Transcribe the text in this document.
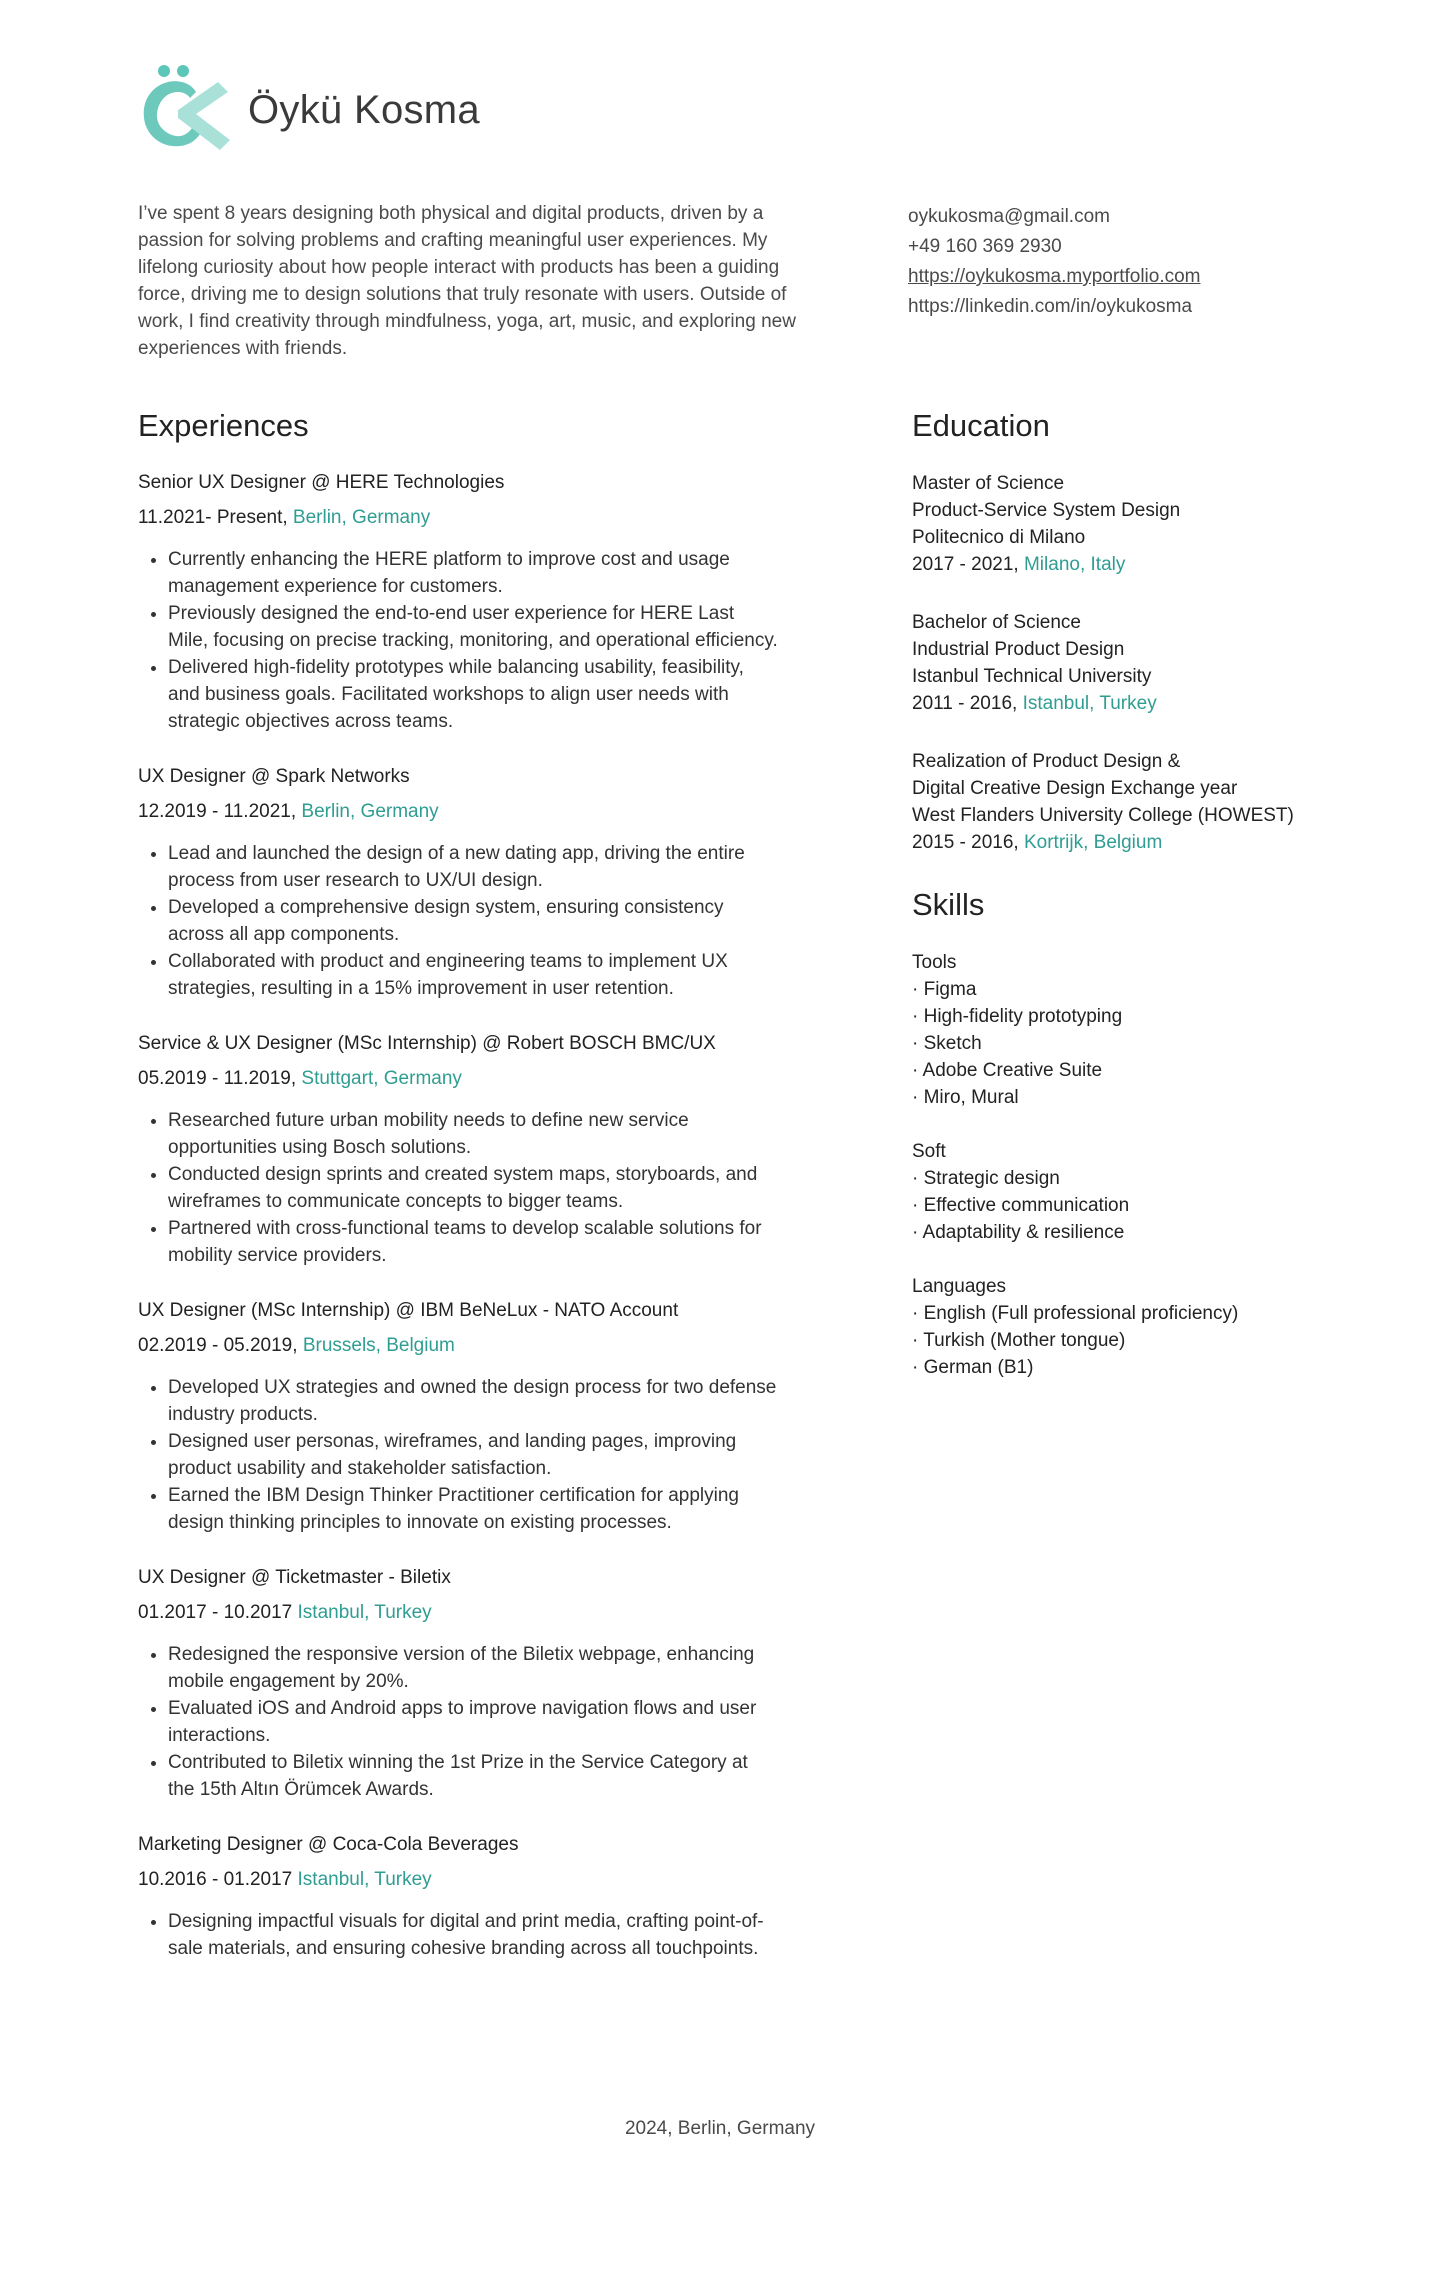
Öykü Kosma

I’ve spent 8 years designing both physical and digital products, driven by a passion for solving problems and crafting meaningful user experiences. My lifelong curiosity about how people interact with products has been a guiding force, driving me to design solutions that truly resonate with users. Outside of work, I find creativity through mindfulness, yoga, art, music, and exploring new experiences with friends.

oykukosma@gmail.com
+49 160 369 2930
https://oykukosma.myportfolio.com
https://linkedin.com/in/oykukosma
Experiences
Senior UX Designer @ HERE Technologies
11.2021- Present, Berlin, Germany
• Currently enhancing the HERE platform to improve cost and usage management experience for customers.
• Previously designed the end-to-end user experience for HERE Last Mile, focusing on precise tracking, monitoring, and operational efficiency.
• Delivered high-fidelity prototypes while balancing usability, feasibility, and business goals. Facilitated workshops to align user needs with strategic objectives across teams.
UX Designer @ Spark Networks
12.2019 - 11.2021, Berlin, Germany
• Lead and launched the design of a new dating app, driving the entire process from user research to UX/UI design.
• Developed a comprehensive design system, ensuring consistency across all app components.
• Collaborated with product and engineering teams to implement UX strategies, resulting in a 15% improvement in user retention.
Service & UX Designer (MSc Internship) @ Robert BOSCH BMC/UX
05.2019 - 11.2019, Stuttgart, Germany
• Researched future urban mobility needs to define new service opportunities using Bosch solutions.
• Conducted design sprints and created system maps, storyboards, and wireframes to communicate concepts to bigger teams.
• Partnered with cross-functional teams to develop scalable solutions for mobility service providers.
UX Designer (MSc Internship) @ IBM BeNeLux - NATO Account
02.2019 - 05.2019, Brussels, Belgium
• Developed UX strategies and owned the design process for two defense industry products.
• Designed user personas, wireframes, and landing pages, improving product usability and stakeholder satisfaction.
• Earned the IBM Design Thinker Practitioner certification for applying design thinking principles to innovate on existing processes.
UX Designer @ Ticketmaster - Biletix
01.2017 - 10.2017 Istanbul, Turkey
• Redesigned the responsive version of the Biletix webpage, enhancing mobile engagement by 20%.
• Evaluated iOS and Android apps to improve navigation flows and user interactions.
• Contributed to Biletix winning the 1st Prize in the Service Category at the 15th Altın Örümcek Awards.
Marketing Designer @ Coca-Cola Beverages
10.2016 - 01.2017 Istanbul, Turkey
• Designing impactful visuals for digital and print media, crafting point-of-sale materials, and ensuring cohesive branding across all touchpoints.
Education
Master of Science
Product-Service System Design
Politecnico di Milano
2017 - 2021, Milano, Italy
Bachelor of Science
Industrial Product Design
Istanbul Technical University
2011 - 2016, Istanbul, Turkey
Realization of Product Design &
Digital Creative Design Exchange year
West Flanders University College (HOWEST)
2015 - 2016, Kortrijk, Belgium
Skills
Tools
· Figma
· High-fidelity prototyping
· Sketch
· Adobe Creative Suite
· Miro, Mural
Soft
· Strategic design
· Effective communication
· Adaptability & resilience
Languages
· English (Full professional proficiency)
· Turkish (Mother tongue)
· German (B1)
2024, Berlin, Germany
